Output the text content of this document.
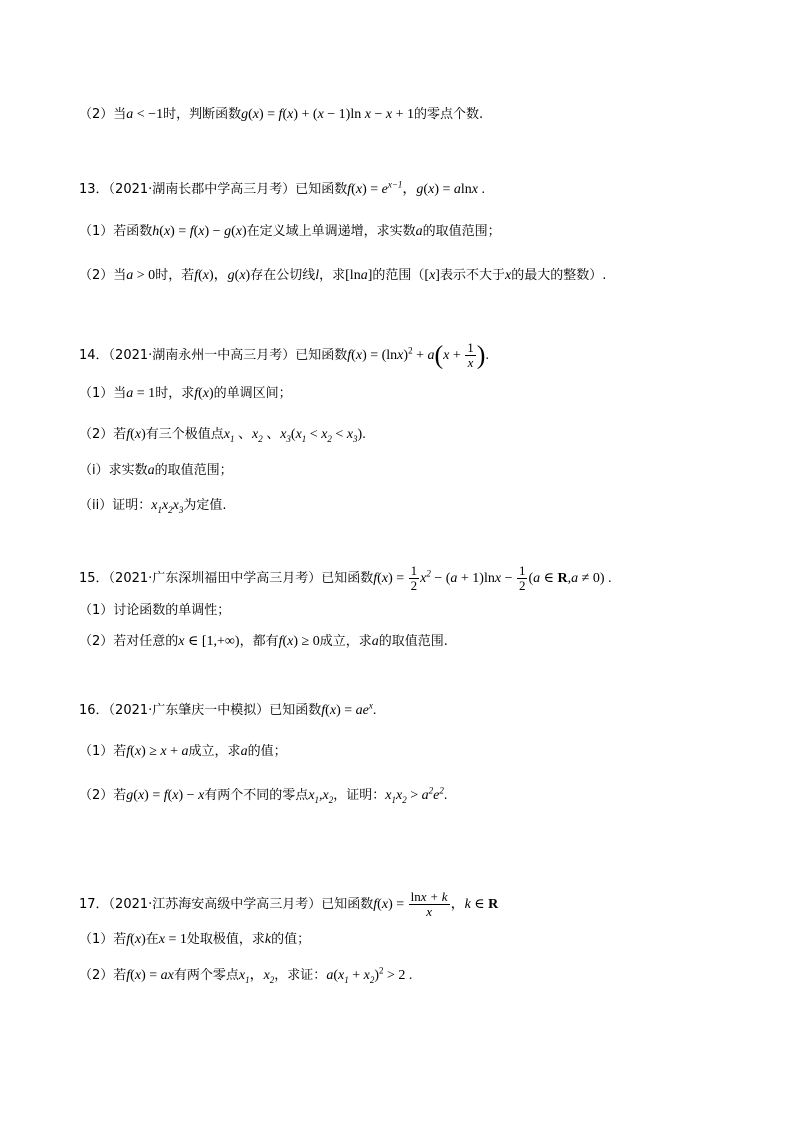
（2）当a < −1时，判断函数g(x) = f(x) + (x − 1)ln x − x + 1的零点个数.
13．（2021·湖南长郡中学高三月考）已知函数$f(x) = e^{x-1}$，g(x) = alnx .
（1）若函数h(x) = f(x) − g(x)在定义域上单调递增，求实数a的取值范围；
（2）当a > 0时，若f(x)，g(x)存在公切线l，求[lna]的范围（[x]表示不大于x的最大的整数）.
14．（2021·湖南永州一中高三月考）已知函数$f(x) = (\ln x)^2 + a(x + \frac{1}{x}$ ).
（1）当a = 1时，求f(x)的单调区间；
（2）若f(x)有三个极值点$x_1$ 、$x_2$ 、$x_3(x_1 < x_2 < x_3)$.
（i）求实数a的取值范围；
（ii）证明：$x_1x_2x_3$为定值.
15．（2021·广东深圳福田中学高三月考）已知函数$f(x) = \frac{1}{2} x^2 - (a + 1)\ln x - \frac{1}{2} (a$ ∈ R,a ≠ 0) .
（1）讨论函数的单调性；
（2）若对任意的x ∈ [1,+∞)，都有f(x) ≥ 0成立，求a的取值范围.
16．（2021·广东肇庆一中模拟）已知函数$f(x) = ae^x$.
（1）若f(x) ≥ x + a成立，求a的值；
（2）若g(x) = f(x) − x有两个不同的零点$x_1,x_2$，证明：$x_1x_2 > a^2e^2$.
17．（2021·江苏海安高级中学高三月考）已知函数$f(x) = \frac{\ln x + k}{x}$ ，k ∈ R
（1）若f(x)在x = 1处取极值，求k的值；
（2）若f(x) = ax有两个零点$x_1$，$x_2$，求证：$a(x_1 + x_2)^2 > 2$ .
